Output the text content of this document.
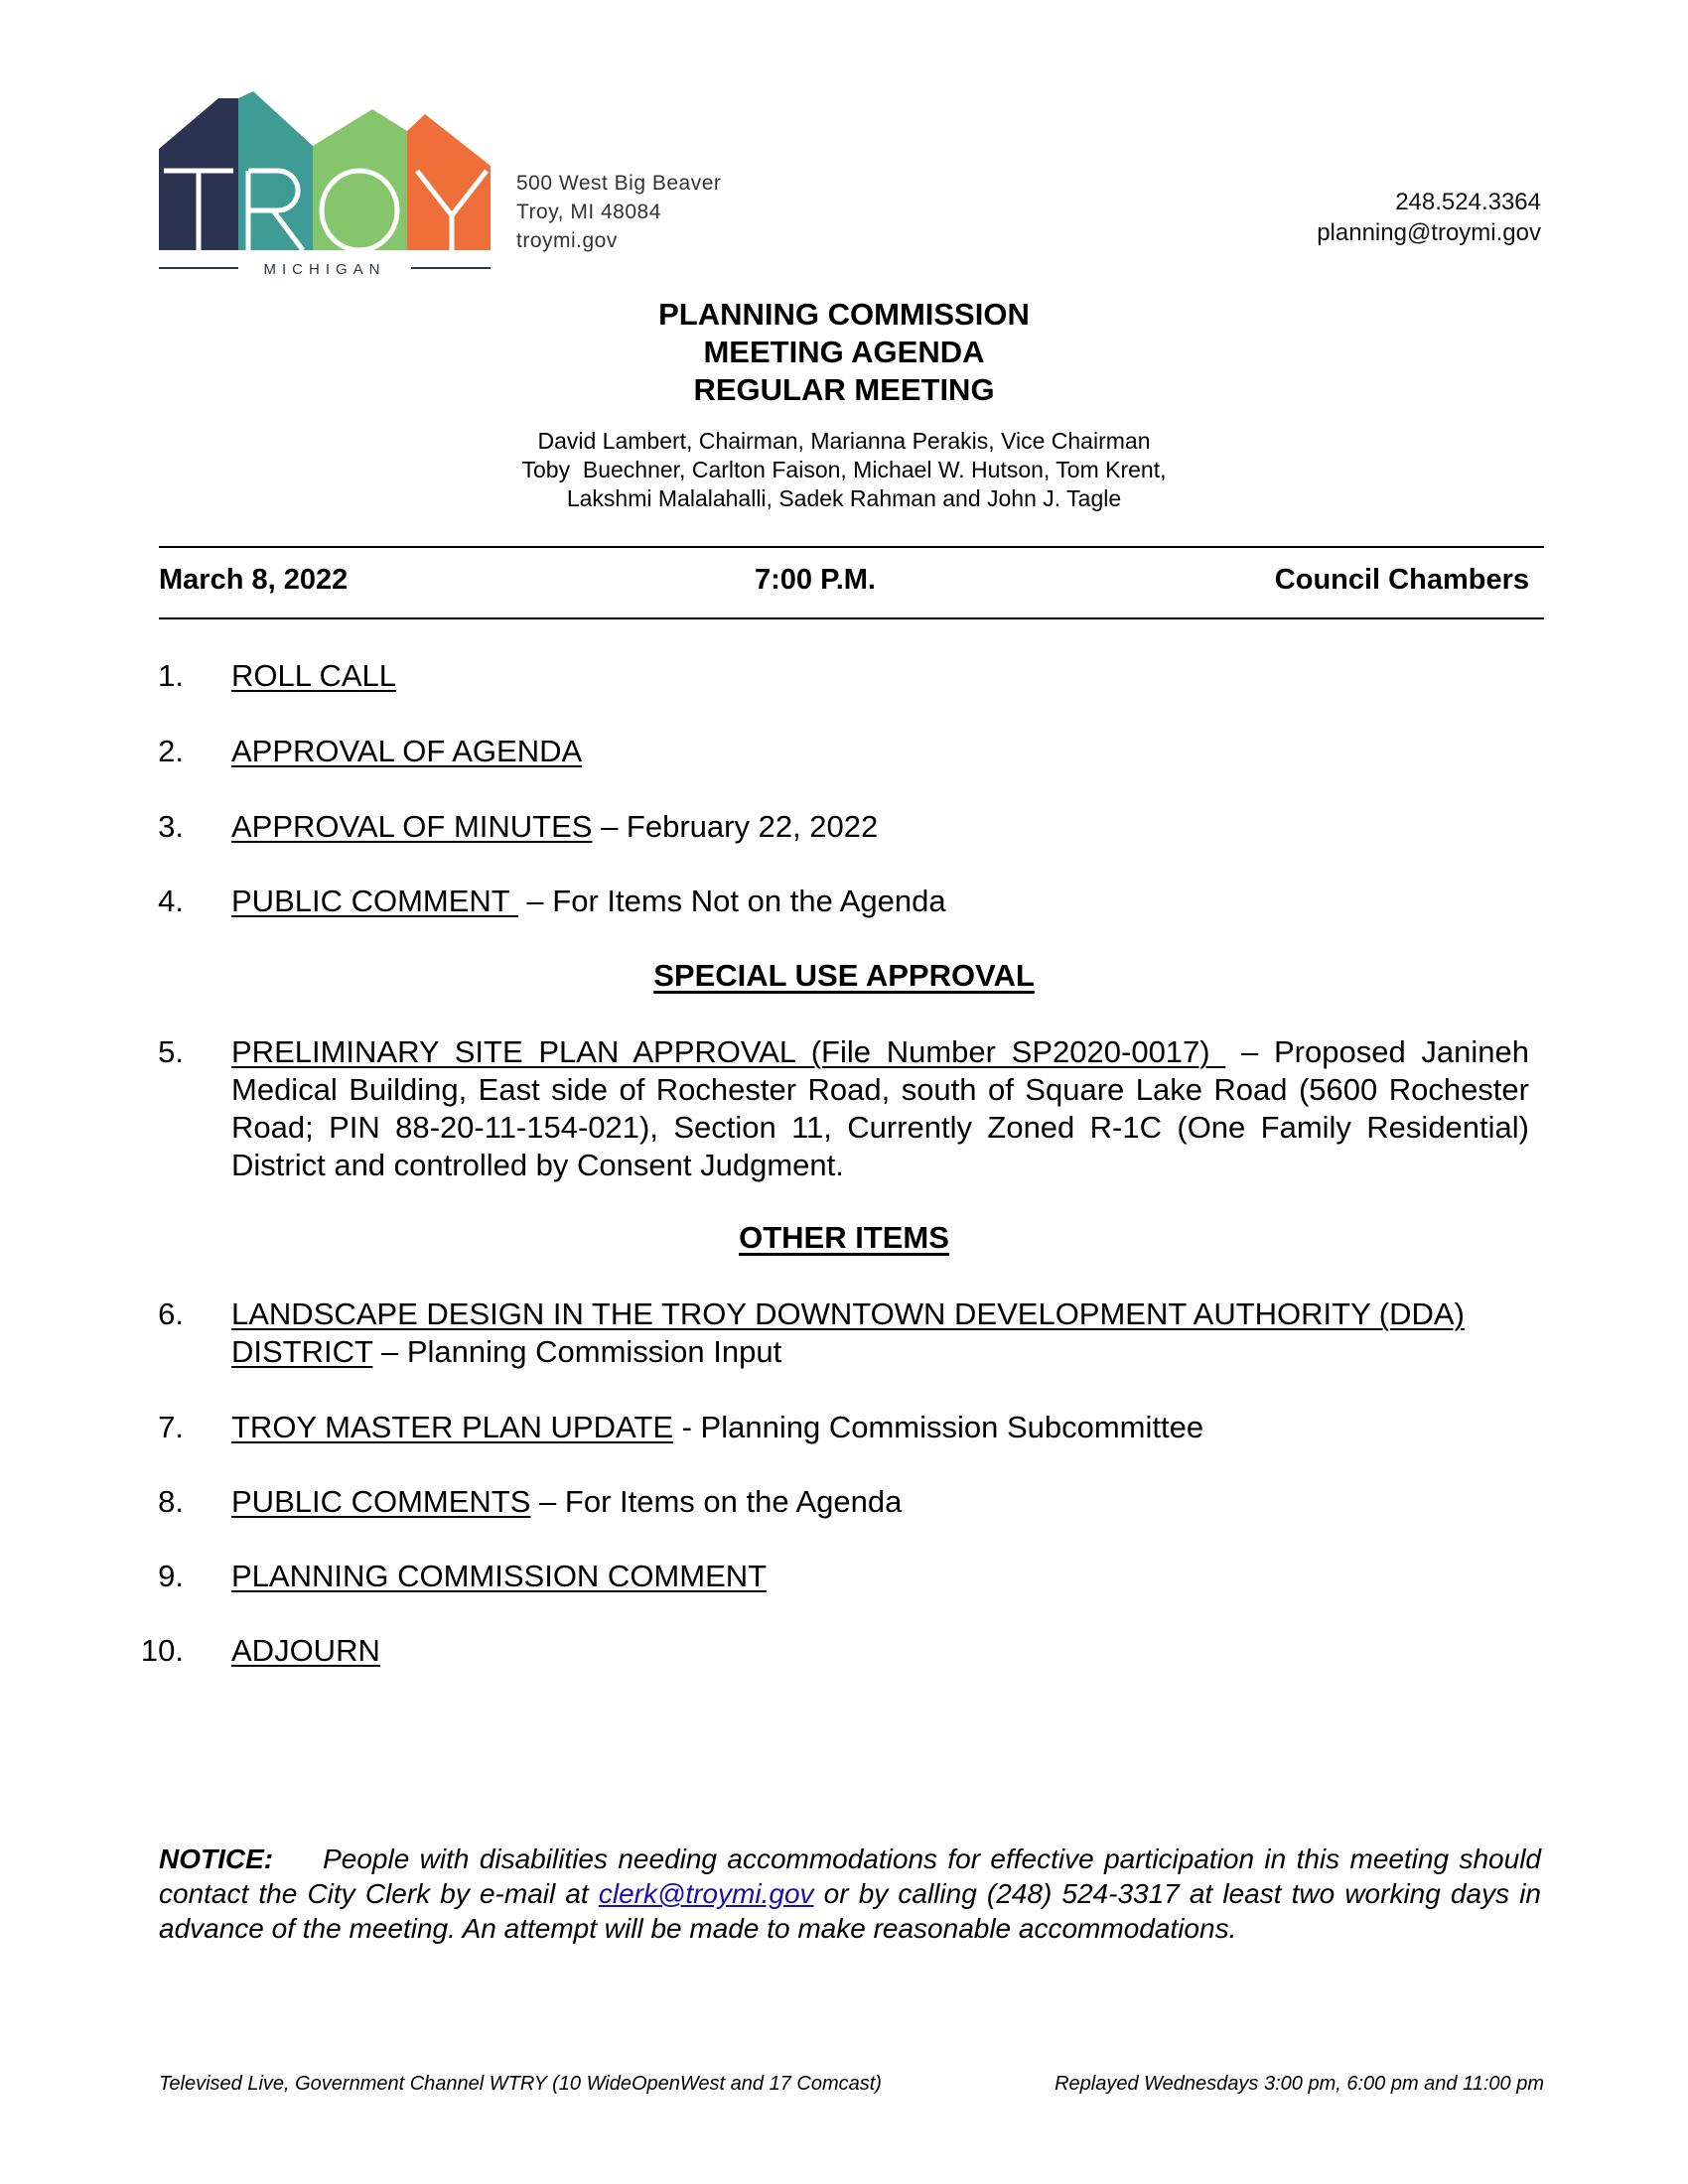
MICHIGAN
500 West Big Beaver
Troy, MI 48084
troymi.gov
248.524.3364
planning@troymi.gov
PLANNING COMMISSION
MEETING AGENDA
REGULAR MEETING
David Lambert, Chairman, Marianna Perakis, Vice Chairman
Toby  Buechner, Carlton Faison, Michael W. Hutson, Tom Krent,
Lakshmi Malalahalli, Sadek Rahman and John J. Tagle
March 8, 2022	7:00 P.M.	Council Chambers
1. ROLL CALL
2. APPROVAL OF AGENDA
3. APPROVAL OF MINUTES – February 22, 2022
4. PUBLIC COMMENT  – For Items Not on the Agenda
SPECIAL USE APPROVAL
5. PRELIMINARY SITE PLAN APPROVAL (File Number SP2020-0017)  – Proposed Janineh Medical Building, East side of Rochester Road, south of Square Lake Road (5600 Rochester Road; PIN 88-20-11-154-021), Section 11, Currently Zoned R-1C (One Family Residential) District and controlled by Consent Judgment.
OTHER ITEMS
6. LANDSCAPE DESIGN IN THE TROY DOWNTOWN DEVELOPMENT AUTHORITY (DDA) DISTRICT – Planning Commission Input
7. TROY MASTER PLAN UPDATE - Planning Commission Subcommittee
8. PUBLIC COMMENTS – For Items on the Agenda
9. PLANNING COMMISSION COMMENT
10. ADJOURN
NOTICE: People with disabilities needing accommodations for effective participation in this meeting should contact the City Clerk by e-mail at clerk@troymi.gov or by calling (248) 524-3317 at least two working days in advance of the meeting. An attempt will be made to make reasonable accommodations.
Televised Live, Government Channel WTRY (10 WideOpenWest and 17 Comcast)	Replayed Wednesdays 3:00 pm, 6:00 pm and 11:00 pm
